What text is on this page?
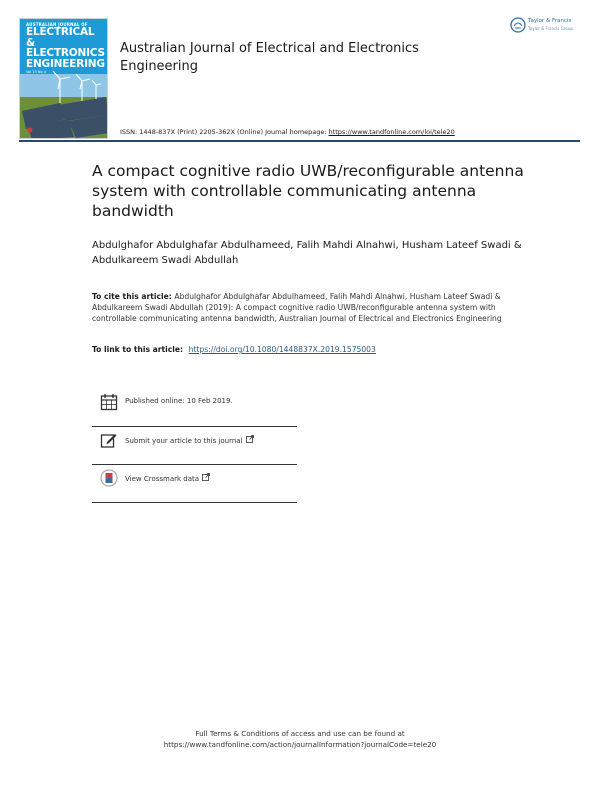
AUSTRALIAN JOURNAL OF
ELECTRICAL &
ELECTRONICS
ENGINEERING
Vol 15 No 4
Australian Journal of Electrical and Electronics Engineering
Taylor & Francis
Taylor & Francis Group
ISSN: 1448-837X (Print) 2205-362X (Online) Journal homepage: https://www.tandfonline.com/loi/tele20
A compact cognitive radio UWB/reconfigurable antenna system with controllable communicating antenna bandwidth
Abdulghafor Abdulghafar Abdulhameed, Falih Mahdi Alnahwi, Husham Lateef Swadi & Abdulkareem Swadi Abdullah
To cite this article: Abdulghafor Abdulghafar Abdulhameed, Falih Mahdi Alnahwi, Husham Lateef Swadi & Abdulkareem Swadi Abdullah (2019): A compact cognitive radio UWB/reconfigurable antenna system with controllable communicating antenna bandwidth, Australian Journal of Electrical and Electronics Engineering
To link to this article: https://doi.org/10.1080/1448837X.2019.1575003
Published online: 10 Feb 2019.
Submit your article to this journal
View Crossmark data
Full Terms & Conditions of access and use can be found at
https://www.tandfonline.com/action/journalInformation?journalCode=tele20
